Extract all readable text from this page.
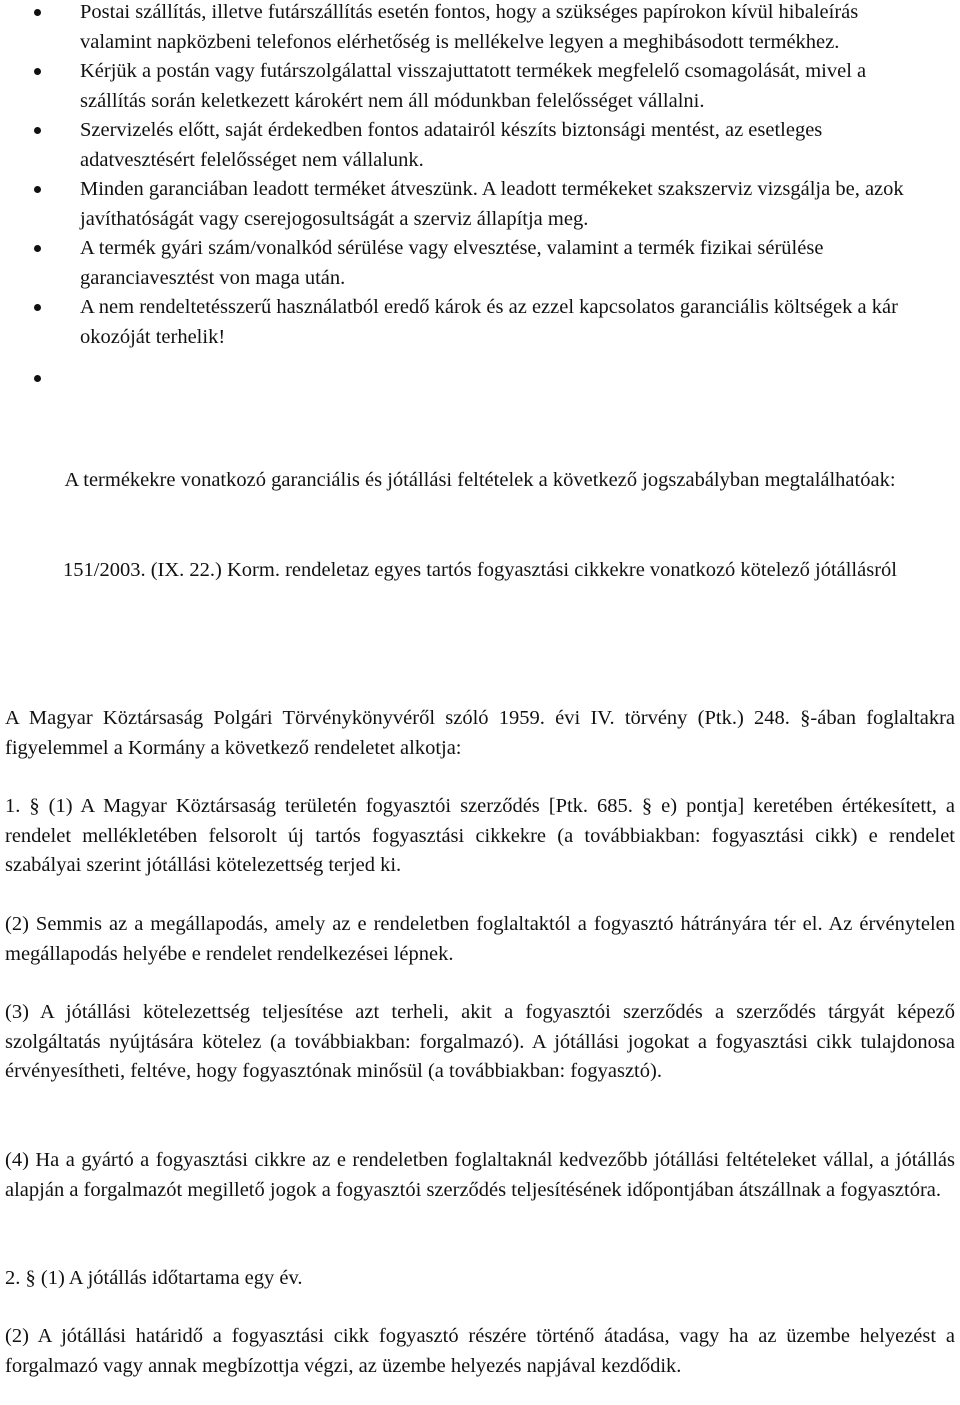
Postai szállítás, illetve futárszállítás esetén fontos, hogy a szükséges papírokon kívül hibaleírás valamint napközbeni telefonos elérhetőség is mellékelve legyen a meghibásodott termékhez.
Kérjük a postán vagy futárszolgálattal visszajuttatott termékek megfelelő csomagolását, mivel a szállítás során keletkezett károkért nem áll módunkban felelősséget vállalni.
Szervizelés előtt, saját érdekedben fontos adatairól készíts biztonsági mentést, az esetleges adatvesztésért felelősséget nem vállalunk.
Minden garanciában leadott terméket átveszünk. A leadott termékeket szakszerviz vizsgálja be, azok javíthatóságát vagy cserejogosultságát a szerviz állapítja meg.
A termék gyári szám/vonalkód sérülése vagy elvesztése, valamint a termék fizikai sérülése garanciavesztést von maga után.
A nem rendeltetésszerű használatból eredő károk és az ezzel kapcsolatos garanciális költségek a kár okozóját terhelik!
A termékekre vonatkozó garanciális és jótállási feltételek a következő jogszabályban megtalálhatóak:
151/2003. (IX. 22.) Korm. rendeletaz egyes tartós fogyasztási cikkekre vonatkozó kötelező jótállásról

A Magyar Köztársaság Polgári Törvénykönyvéről szóló 1959. évi IV. törvény (Ptk.) 248. §-ában foglaltakra figyelemmel a Kormány a következő rendeletet alkotja:

1. § (1) A Magyar Köztársaság területén fogyasztói szerződés [Ptk. 685. § e) pontja] keretében értékesített, a rendelet mellékletében felsorolt új tartós fogyasztási cikkekre (a továbbiakban: fogyasztási cikk) e rendelet szabályai szerint jótállási kötelezettség terjed ki.

(2) Semmis az a megállapodás, amely az e rendeletben foglaltaktól a fogyasztó hátrányára tér el. Az érvénytelen megállapodás helyébe e rendelet rendelkezései lépnek.

(3) A jótállási kötelezettség teljesítése azt terheli, akit a fogyasztói szerződés a szerződés tárgyát képező szolgáltatás nyújtására kötelez (a továbbiakban: forgalmazó). A jótállási jogokat a fogyasztási cikk tulajdonosa érvényesítheti, feltéve, hogy fogyasztónak minősül (a továbbiakban: fogyasztó).

(4) Ha a gyártó a fogyasztási cikkre az e rendeletben foglaltaknál kedvezőbb jótállási feltételeket vállal, a jótállás alapján a forgalmazót megillető jogok a fogyasztói szerződés teljesítésének időpontjában átszállnak a fogyasztóra.

2. § (1) A jótállás időtartama egy év.

(2) A jótállási határidő a fogyasztási cikk fogyasztó részére történő átadása, vagy ha az üzembe helyezést a forgalmazó vagy annak megbízottja végzi, az üzembe helyezés napjával kezdődik.
